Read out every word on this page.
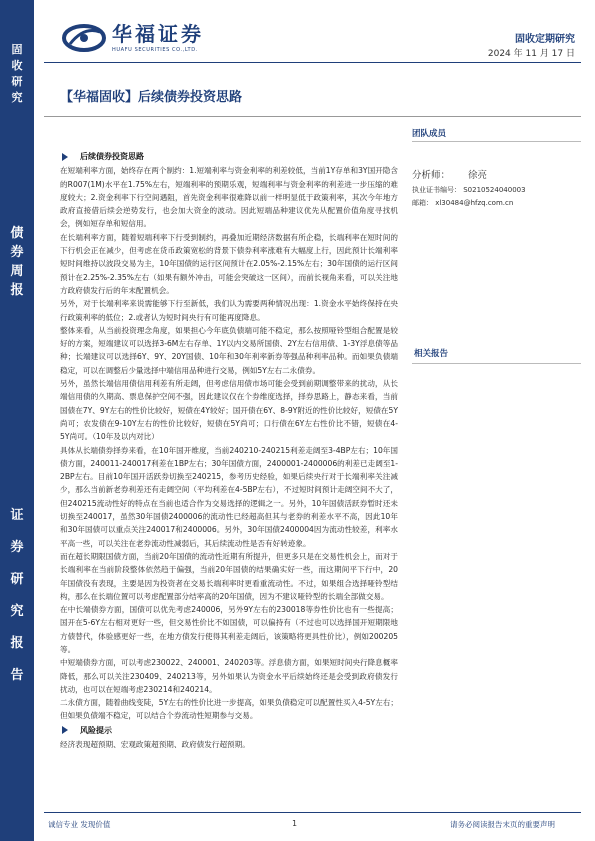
固
收
研
究
债
券
周
报
证
券
研
究
报
告
华福证券
HUAFU SECURITIES CO.,LTD.
固收定期研究
2024 年 11 月 17 日
【华福固收】后续债券投资思路
后续债券投资思路

在短端利率方面，始终存在两个制约：1.短端利率与资金利率的利差较低，当前1Y存单和3Y国开隐含的R007(1M)水平在1.75%左右，短端利率的预期乐观，短端利率与资金利率的利差进一步压缩的难度较大；2.资金利率下行空间遇阻，首先资金利率很难降以前一样明显低于政策利率，其次今年地方政府直接借后续会逆势发行，也会加大资金的波动。因此短端品种建议优先从配置价值角度寻找机会，例如短存单和短信用。

在长端利率方面，随着短端利率下行受到制约，再叠加近期经济数据有所企稳，长端利率在短时间的下行机会正在减少，但考虑在货币政策宽松的背景下债券利率涨难有大幅度上行，因此预计长端利率短时间维持以波段交易为主，10年国债的运行区间预计在2.05%-2.15%左右；30年国债的运行区间预计在2.25%-2.35%左右（如果有额外冲击，可能会突破这一区间），而前长视角来看，可以关注地方政府债发行后的年末配置机会。

另外，对于长端利率来说需能够下行至新低，我们认为需要两种情况出现：1.资金水平始终保持在央行政策利率的低位；2.或者认为短时间央行有可能再度降息。

整体来看，从当前投资理念角度，如果担心今年底负债端可能不稳定，那么按照哑铃型组合配置是较好的方案，短端建议可以选择3-6M左右存单、1Y以内交易所国债、2Y左右信用债、1-3Y浮息债等品种；长端建议可以选择6Y、9Y、20Y国债、10年和30年利率新券等强品种利率品种。而如果负债端稳定，可以在调整后少量选择中端信用品种进行交易，例如5Y左右二永债券。

另外，虽然长端信用债信用利差有所走阔，但考虑信用债市场可能会受到前期调整带来的扰动，从长端信用债的久期高、票息保护空间不强，因此建议仅在个券维度选择，择券思路上，静态来看，当前国债在7Y、9Y左右的性价比较好，短债在4Y较好；国开债在6Y、8-9Y附近的性价比较好，短债在5Y尚可；农发债在9-10Y左右的性价比较好，短债在5Y尚可；口行债在6Y左右性价比不错，短债在4-5Y尚可。（10年及以内对比）

具体从长端债券择券来看，在10年国开维度，当前240210-240215利差走阔至3-4BP左右；10年国债方面，240011-240017利差在1BP左右；30年国债方面，2400001-2400006的利差已走阔至1-2BP左右。目前10年国开活跃券切换至240215，参考历史经验，如果后续央行对于长端利率关注减少，那么当前新老券利差还有走阔空间（平均利差在4-5BP左右），不过短时间预计走阔空间不大了，但240215流动性好的特点在当前也适合作为交易选择的逻辑之一。另外，10年国债活跃券暂时还未切换至240017，虽然30年国债2400006的流动性已经超高但其与老券的利差水平不高，因此10年和30年国债可以重点关注240017和2400006。另外，30年国债2400004因为流动性较差，利率水平高一些，可以关注在老券流动性减弱后，其后续流动性是否有好转迹象。

而在超长期限国债方面，当前20年国债的流动性近期有所提升，但更多只是在交易性机会上，而对于长端利率在当前阶段整体依然趋于偏强，当前20年国债的结果确实好一些，而这期间平下行中，20年国债没有表现，主要是因为投资者在交易长端利率时更看重流动性。不过，如果组合选择哑铃型结构，那么在长端位置可以考虑配置部分结率高的20年国债，因为不建议哑铃型的长端全部做交易。

在中长端债券方面，国债可以优先考虑240006，另外9Y左右的230018等券性价比也有一些提高；国开在5-6Y左右相对更好一些，但交易性价比不如国债，可以偏持有（不过也可以选择国开短期限地方债替代，体验感更好一些，在地方债发行使得其利差走阔后，该策略将更具性价比），例如200205等。

中短端债券方面，可以考虑230022、240001、240203等。浮息债方面，如果短时间央行降息概率降低，那么可以关注230409、240213等，另外如果认为资金水平后续始终还是会受到政府债发行扰动，也可以在短端考虑230214和240214。

二永债方面，随着曲线变陡，5Y左右的性价比进一步提高，如果负债稳定可以配置性买入4-5Y左右；但如果负债端不稳定，可以结合个券流动性短期参与交易。

风险提示

经济表现超预期、宏观政策超预期、政府债发行超预期。

团队成员
分析师： 徐亮
执业证书编号： S0210524040003
邮箱： xl30484@hfzq.com.cn
相关报告
诚信专业 发现价值	1	请务必阅读报告末页的重要声明
